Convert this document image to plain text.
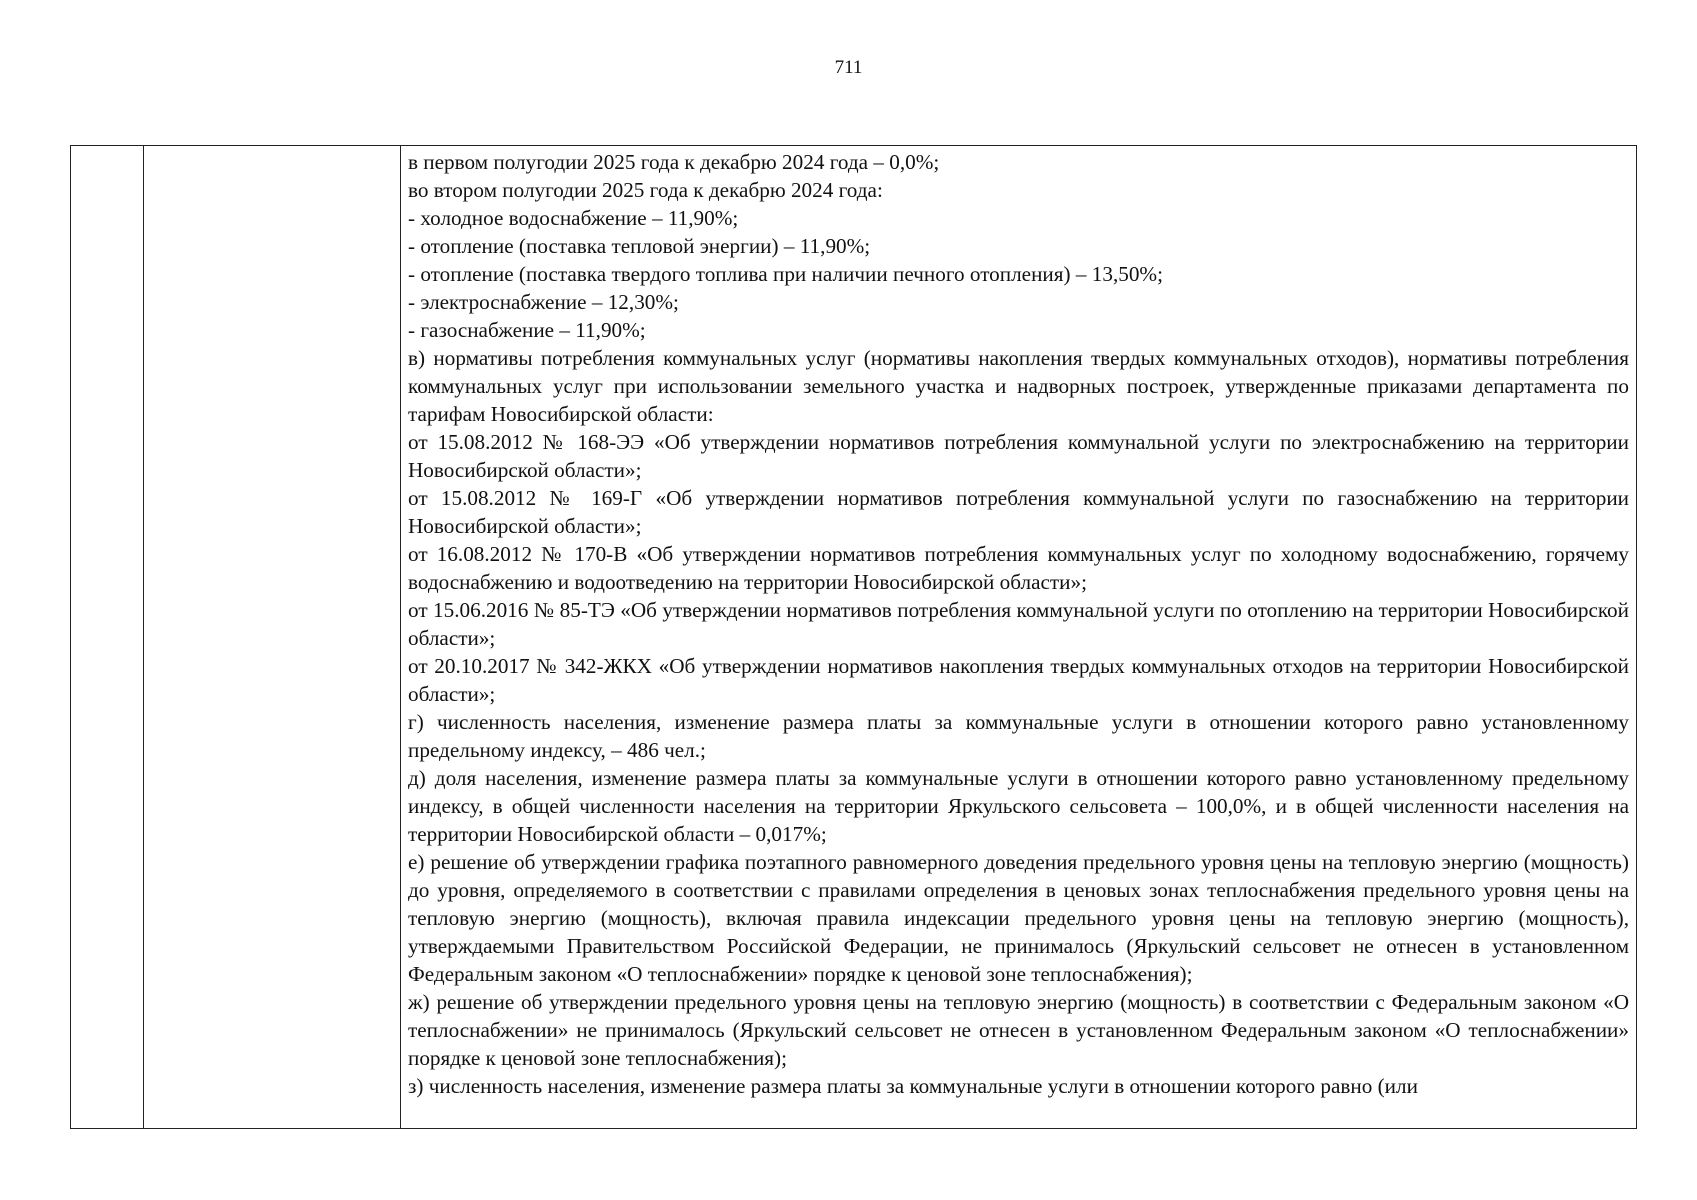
711

в первом полугодии 2025 года к декабрю 2024 года – 0,0%;

во втором полугодии 2025 года к декабрю 2024 года:

- холодное водоснабжение – 11,90%;

- отопление (поставка тепловой энергии) – 11,90%;

- отопление (поставка твердого топлива при наличии печного отопления) – 13,50%;

- электроснабжение – 12,30%;

- газоснабжение – 11,90%;

в) нормативы потребления коммунальных услуг (нормативы накопления твердых коммунальных отходов), нормативы потребления коммунальных услуг при использовании земельного участка и надворных построек, утвержденные приказами департамента по тарифам Новосибирской области:

от 15.08.2012 № 168-ЭЭ «Об утверждении нормативов потребления коммунальной услуги по электроснабжению на территории Новосибирской области»;

от 15.08.2012 № 169-Г «Об утверждении нормативов потребления коммунальной услуги по газоснабжению на территории Новосибирской области»;

от 16.08.2012 № 170-В «Об утверждении нормативов потребления коммунальных услуг по холодному водоснабжению, горячему водоснабжению и водоотведению на территории Новосибирской области»;

от 15.06.2016 № 85-ТЭ «Об утверждении нормативов потребления коммунальной услуги по отоплению на территории Новосибирской области»;

от 20.10.2017 № 342-ЖКХ «Об утверждении нормативов накопления твердых коммунальных отходов на территории Новосибирской области»;

г) численность населения, изменение размера платы за коммунальные услуги в отношении которого равно установленному предельному индексу, – 486 чел.;

д) доля населения, изменение размера платы за коммунальные услуги в отношении которого равно установленному предельному индексу, в общей численности населения на территории Яркульского сельсовета – 100,0%, и в общей численности населения на территории Новосибирской области – 0,017%;

е) решение об утверждении графика поэтапного равномерного доведения предельного уровня цены на тепловую энергию (мощность) до уровня, определяемого в соответствии с правилами определения в ценовых зонах теплоснабжения предельного уровня цены на тепловую энергию (мощность), включая правила индексации предельного уровня цены на тепловую энергию (мощность), утверждаемыми Правительством Российской Федерации, не принималось (Яркульский сельсовет не отнесен в установленном Федеральным законом «О теплоснабжении» порядке к ценовой зоне теплоснабжения);

ж) решение об утверждении предельного уровня цены на тепловую энергию (мощность) в соответствии с Федеральным законом «О теплоснабжении» не принималось (Яркульский сельсовет не отнесен в установленном Федеральным законом «О теплоснабжении» порядке к ценовой зоне теплоснабжения);

з) численность населения, изменение размера платы за коммунальные услуги в отношении которого равно (или
